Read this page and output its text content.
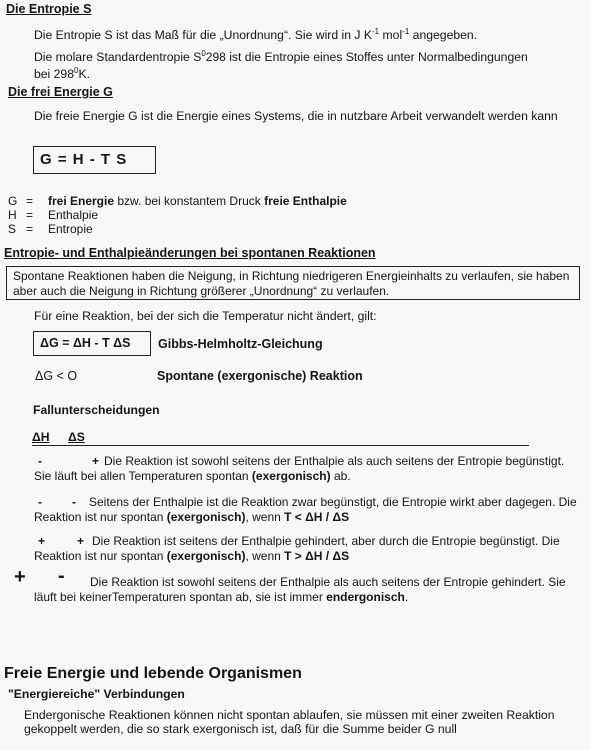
Die Entropie S
Die Entropie S ist das Maß für die „Unordnung“. Sie wird in J $K^{-1}$ mol$^{-1}$ angegeben.
Die molare Standardentropie $S^0298$ ist die Entropie eines Stoffes unter Normalbedingungen
bei $298^0K$.
Die frei Energie G
Die freie Energie G ist die Energie eines Systems, die in nutzbare Arbeit verwandelt werden kann
G = H - T S
G =	frei Energie bzw. bei konstantem Druck freie Enthalpie
H =	Enthalpie
S =	Entropie
Entropie- und Enthalpieänderungen bei spontanen Reaktionen
Spontane Reaktionen haben die Neigung, in Richtung niedrigeren Energieinhalts zu verlaufen, sie haben aber auch die Neigung in Richtung größerer „Unordnung“ zu verlaufen.
Für eine Reaktion, bei der sich die Temperatur nicht ändert, gilt:
ΔG = ΔH - T ΔS	Gibbs-Helmholtz-Gleichung
ΔG < O	Spontane (exergonische) Reaktion
Fallunterscheidungen
ΔH ΔS
-	+ Die Reaktion ist sowohl seitens der Enthalpie als auch seitens der Entropie begünstigt. Sie läuft bei allen Temperaturen spontan (exergonisch) ab.
-	-	Seitens der Enthalpie ist die Reaktion zwar begünstigt, die Entropie wirkt aber dagegen. Die Reaktion ist nur spontan (exergonisch), wenn T < ΔH / ΔS
+	+ Die Reaktion ist seitens der Enthalpie gehindert, aber durch die Entropie begünstigt. Die Reaktion ist nur spontan (exergonisch), wenn T > ΔH / ΔS
+ -	Die Reaktion ist sowohl seitens der Enthalpie als auch seitens der Entropie gehindert. Sie läuft bei keinerTemperaturen spontan ab, sie ist immer endergonisch.
Freie Energie und lebende Organismen
"Energiereiche" Verbindungen
Endergonische Reaktionen können nicht spontan ablaufen, sie müssen mit einer zweiten Reaktion gekoppelt werden, die so stark exergonisch ist, daß für die Summe beider G null
